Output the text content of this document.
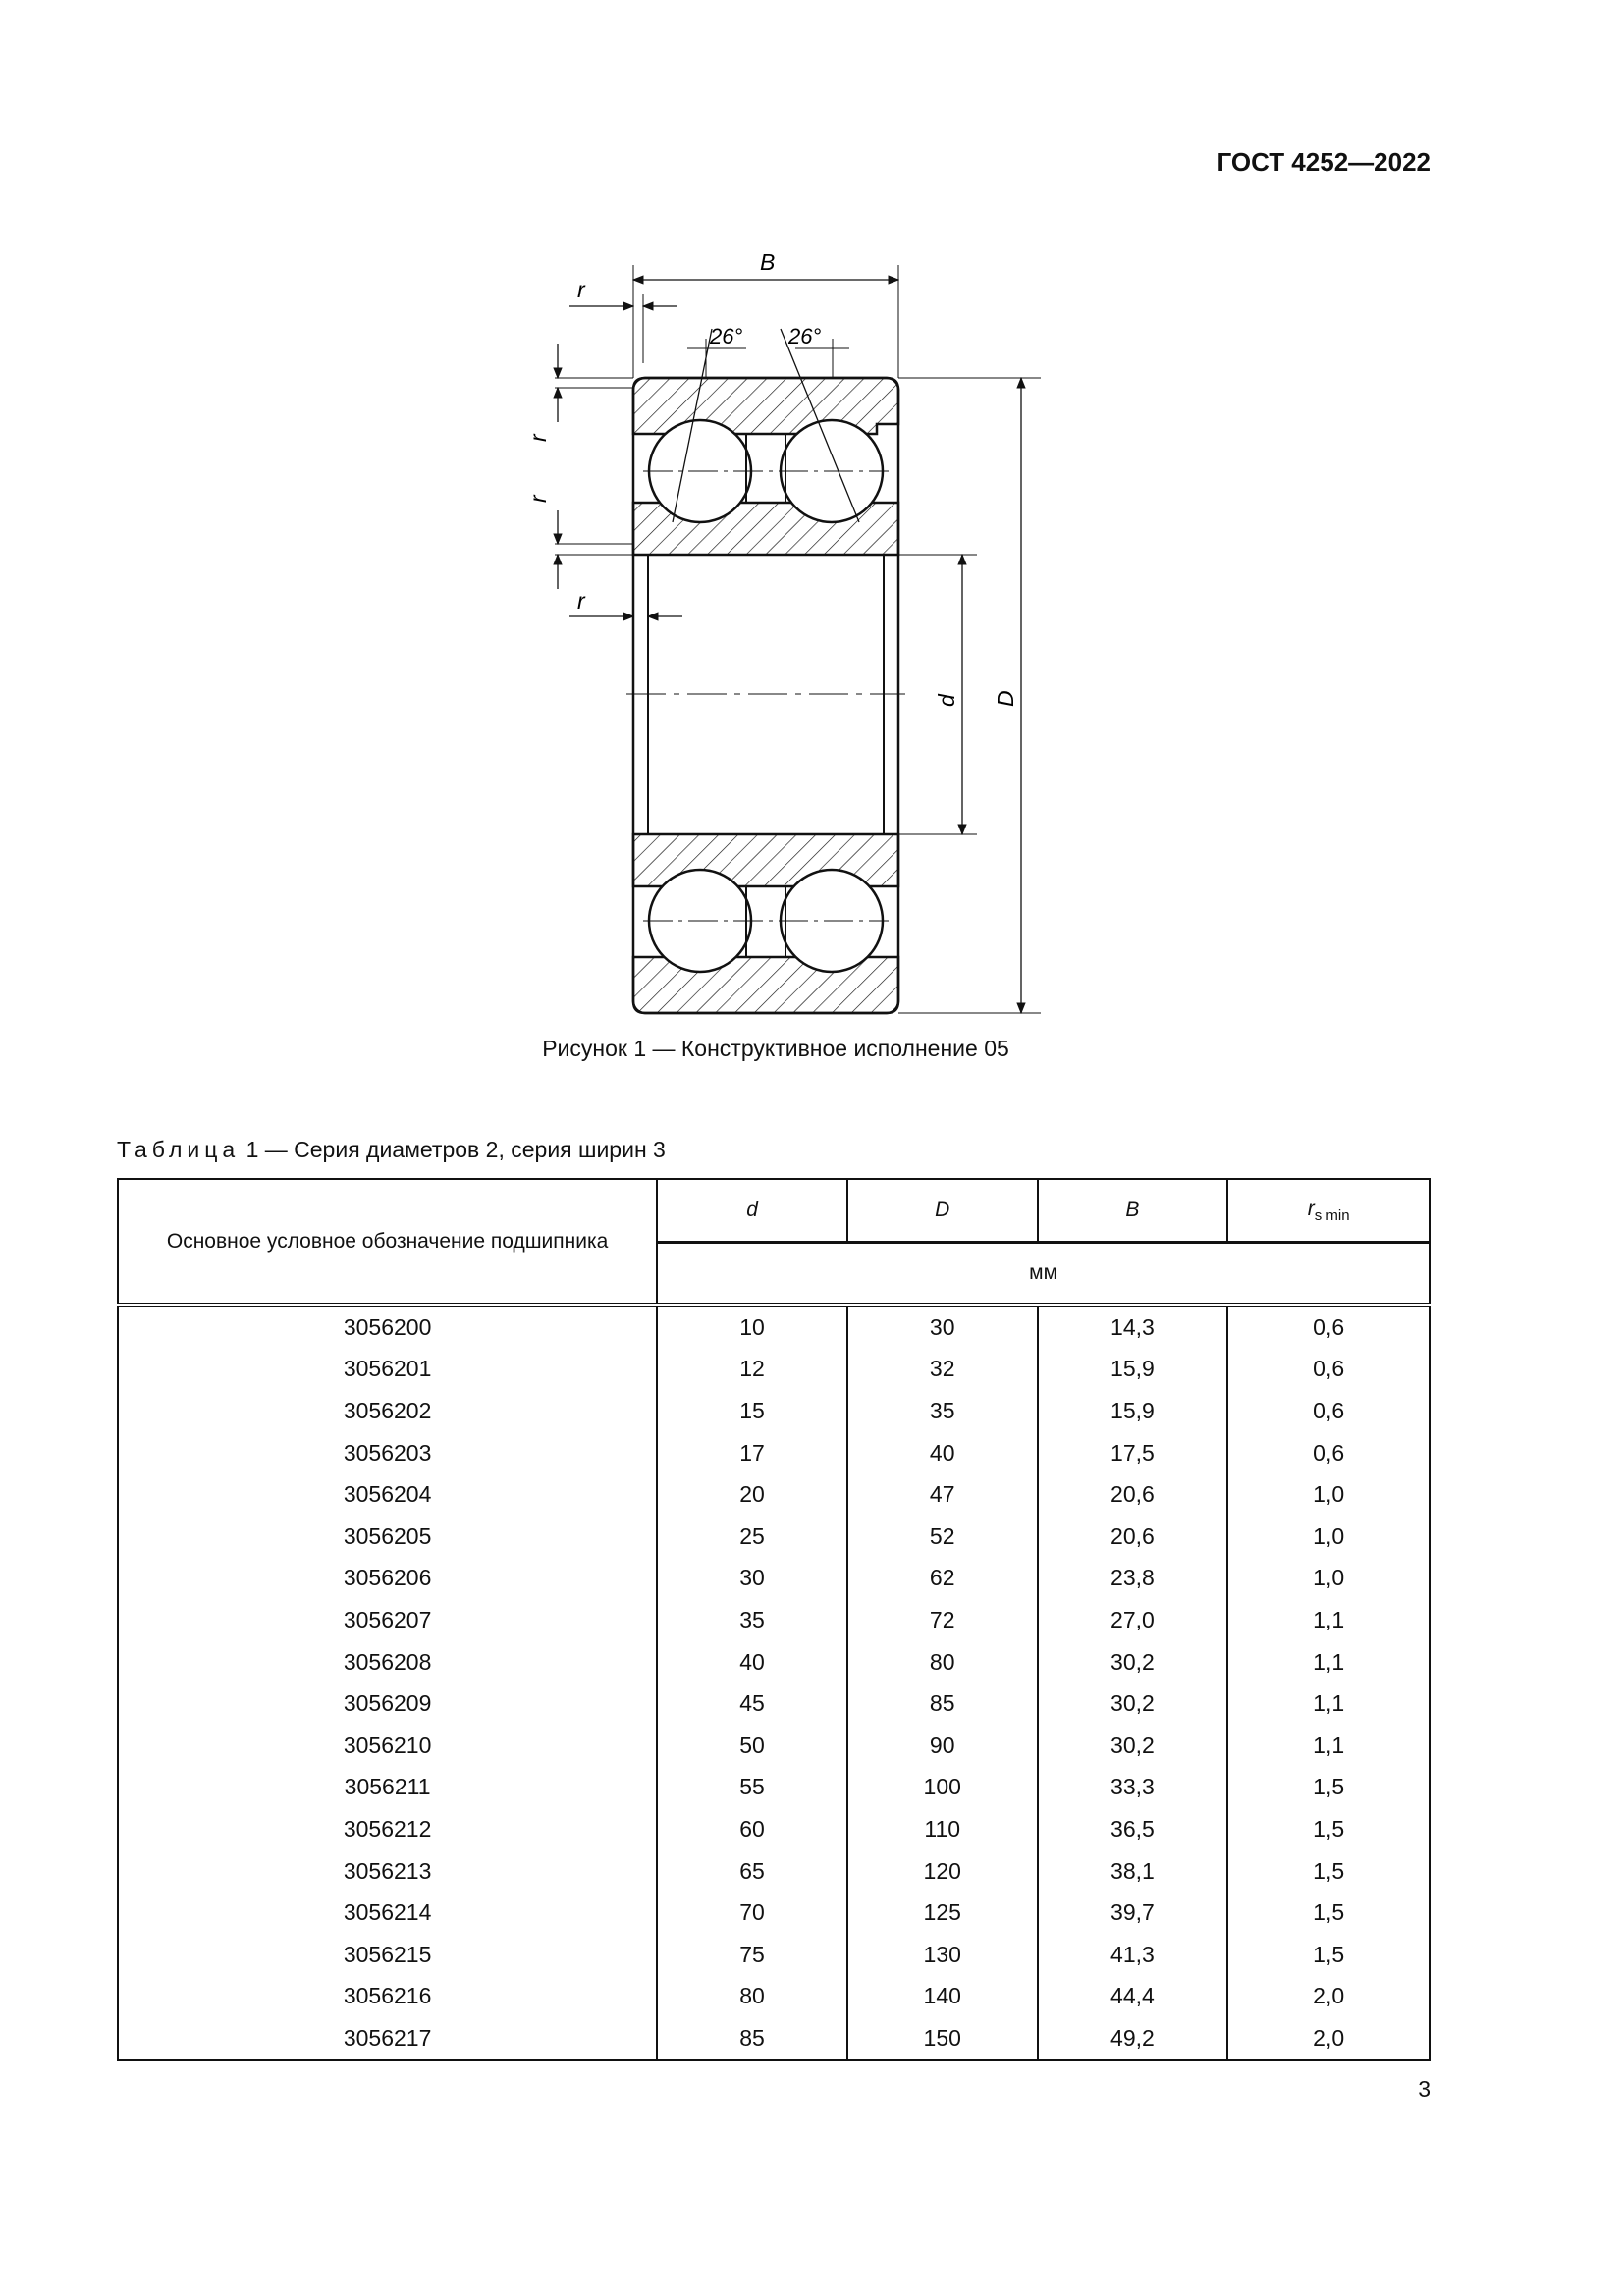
ГОСТ 4252—2022
26° 26°
B
r
r
r
r
d D
Рисунок 1 — Конструктивное исполнение 05
Таблица 1 — Серия диаметров 2, серия ширин 3
Основное условное обозначение подшипника	d	D	B	$r_{s min}$
	мм			
3056200	10	30	14,3	0,6
3056201	12	32	15,9	0,6
3056202	15	35	15,9	0,6
3056203	17	40	17,5	0,6
3056204	20	47	20,6	1,0
3056205	25	52	20,6	1,0
3056206	30	62	23,8	1,0
3056207	35	72	27,0	1,1
3056208	40	80	30,2	1,1
3056209	45	85	30,2	1,1
3056210	50	90	30,2	1,1
3056211	55	100	33,3	1,5
3056212	60	110	36,5	1,5
3056213	65	120	38,1	1,5
3056214	70	125	39,7	1,5
3056215	75	130	41,3	1,5
3056216	80	140	44,4	2,0
3056217	85	150	49,2	2,0
3
